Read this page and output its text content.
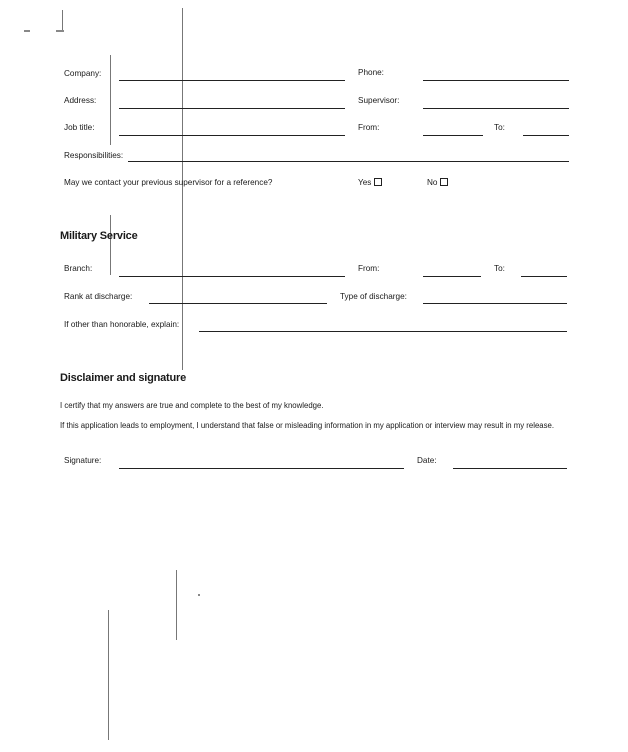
Company:	Phone:
Address:	Supervisor:
Job title:	From:	To:
Responsibilities:
May we contact your previous supervisor for a reference?	Yes	No
Military Service
Branch:	From:	To:
Rank at discharge:	Type of discharge:
If other than honorable, explain:
Disclaimer and signature
I certify that my answers are true and complete to the best of my knowledge.
If this application leads to employment, I understand that false or misleading information in my application or interview may result in my release.
Signature:	Date:
